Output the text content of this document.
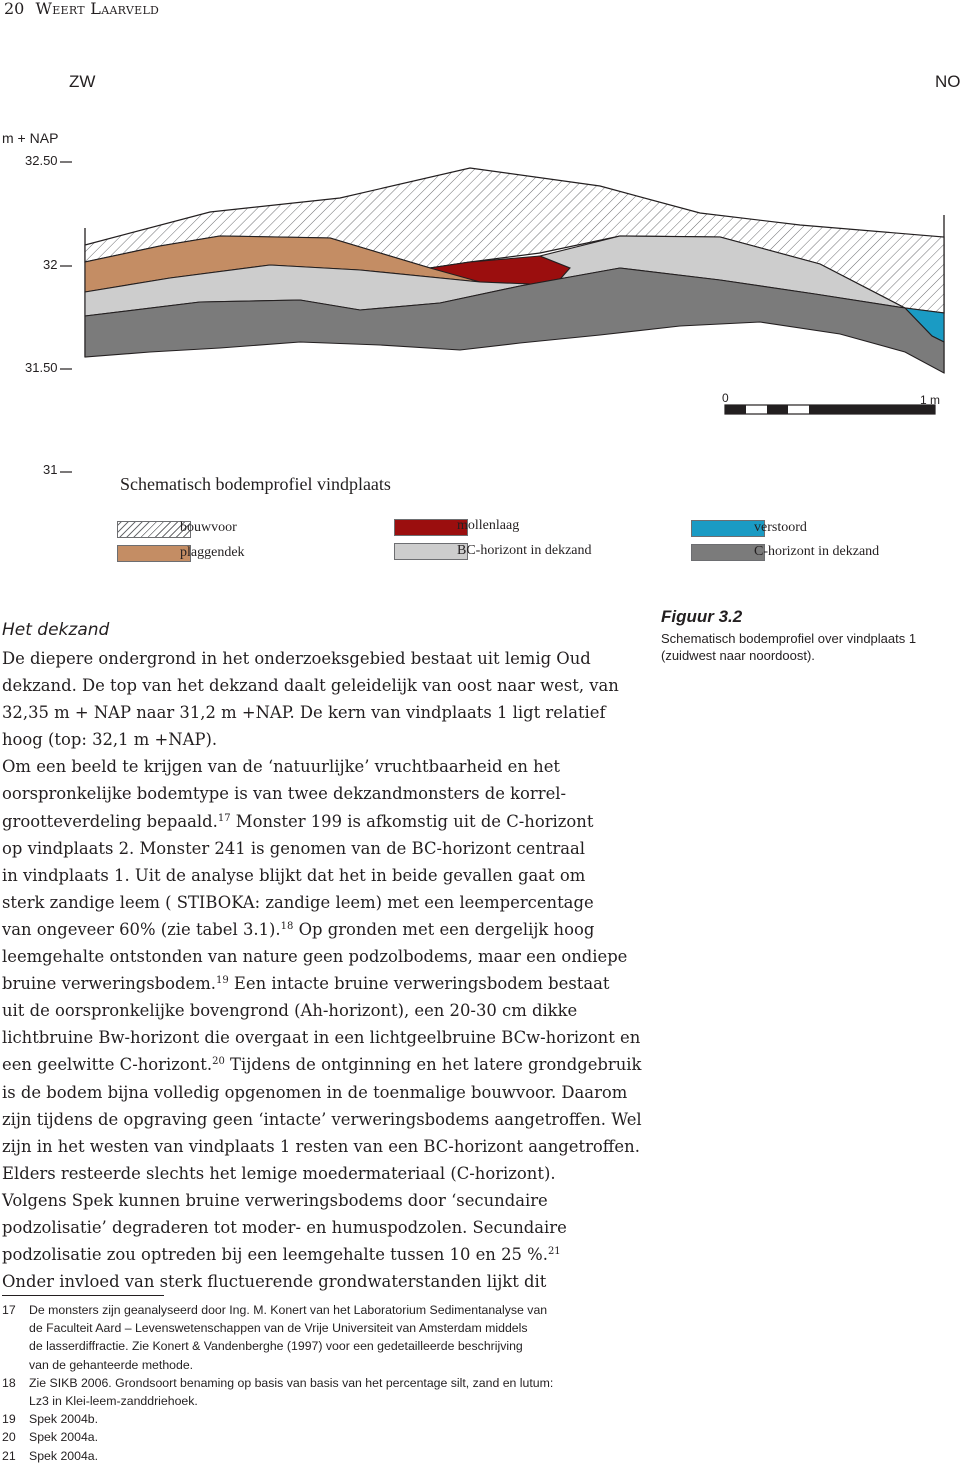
20 Weert Laarveld
ZW	NO
m + NAP
32.50
32
31.50
31
0	1 m
Schematisch bodemprofiel vindplaats
bouwvoor
plaggendek
mollenlaag
BC-horizont in dekzand
verstoord
C-horizont in dekzand
Figuur 3.2
Schematisch bodemprofiel over vindplaats 1
(zuidwest naar noordoost).
Het dekzand
De diepere ondergrond in het onderzoeksgebied bestaat uit lemig Oud
dekzand. De top van het dekzand daalt geleidelijk van oost naar west, van
32,35 m + NAP naar 31,2 m +NAP. De kern van vindplaats 1 ligt relatief
hoog (top: 32,1 m +NAP).
Om een beeld te krijgen van de ‘natuurlijke’ vruchtbaarheid en het
oorspronkelijke bodemtype is van twee dekzandmonsters de korrel-
grootteverdeling bepaald.$^{17}$ Monster 199 is afkomstig uit de C-horizont
op vindplaats 2. Monster 241 is genomen van de BC-horizont centraal
in vindplaats 1. Uit de analyse blijkt dat het in beide gevallen gaat om
sterk zandige leem ( STIBOKA: zandige leem) met een leempercentage
van ongeveer 60% (zie tabel 3.1).$^{18}$ Op gronden met een dergelijk hoog
leemgehalte ontstonden van nature geen podzolbodems, maar een ondiepe
bruine verweringsbodem.$^{19}$ Een intacte bruine verweringsbodem bestaat
uit de oorspronkelijke bovengrond (Ah-horizont), een 20-30 cm dikke
lichtbruine Bw-horizont die overgaat in een lichtgeelbruine BCw-horizont en
een geelwitte C-horizont.$^{20}$ Tijdens de ontginning en het latere grondgebruik
is de bodem bijna volledig opgenomen in de toenmalige bouwvoor. Daarom
zijn tijdens de opgraving geen ‘intacte’ verweringsbodems aangetroffen. Wel
zijn in het westen van vindplaats 1 resten van een BC-horizont aangetroffen.
Elders resteerde slechts het lemige moedermateriaal (C-horizont).
Volgens Spek kunnen bruine verweringsbodems door ‘secundaire
podzolisatie’ degraderen tot moder- en humuspodzolen. Secundaire
podzolisatie zou optreden bij een leemgehalte tussen 10 en 25 %.$^{21}$
Onder invloed van sterk fluctuerende grondwaterstanden lijkt dit
17 De monsters zijn geanalyseerd door Ing. M. Konert van het Laboratorium Sedimentanalyse van
de Faculteit Aard – Levenswetenschappen van de Vrije Universiteit van Amsterdam middels
de lasserdiffractie. Zie Konert & Vandenberghe (1997) voor een gedetailleerde beschrijving
van de gehanteerde methode.
18 Zie SIKB 2006. Grondsoort benaming op basis van basis van het percentage silt, zand en lutum:
Lz3 in Klei-leem-zanddriehoek.
19 Spek 2004b.
20 Spek 2004a.
21 Spek 2004a.
